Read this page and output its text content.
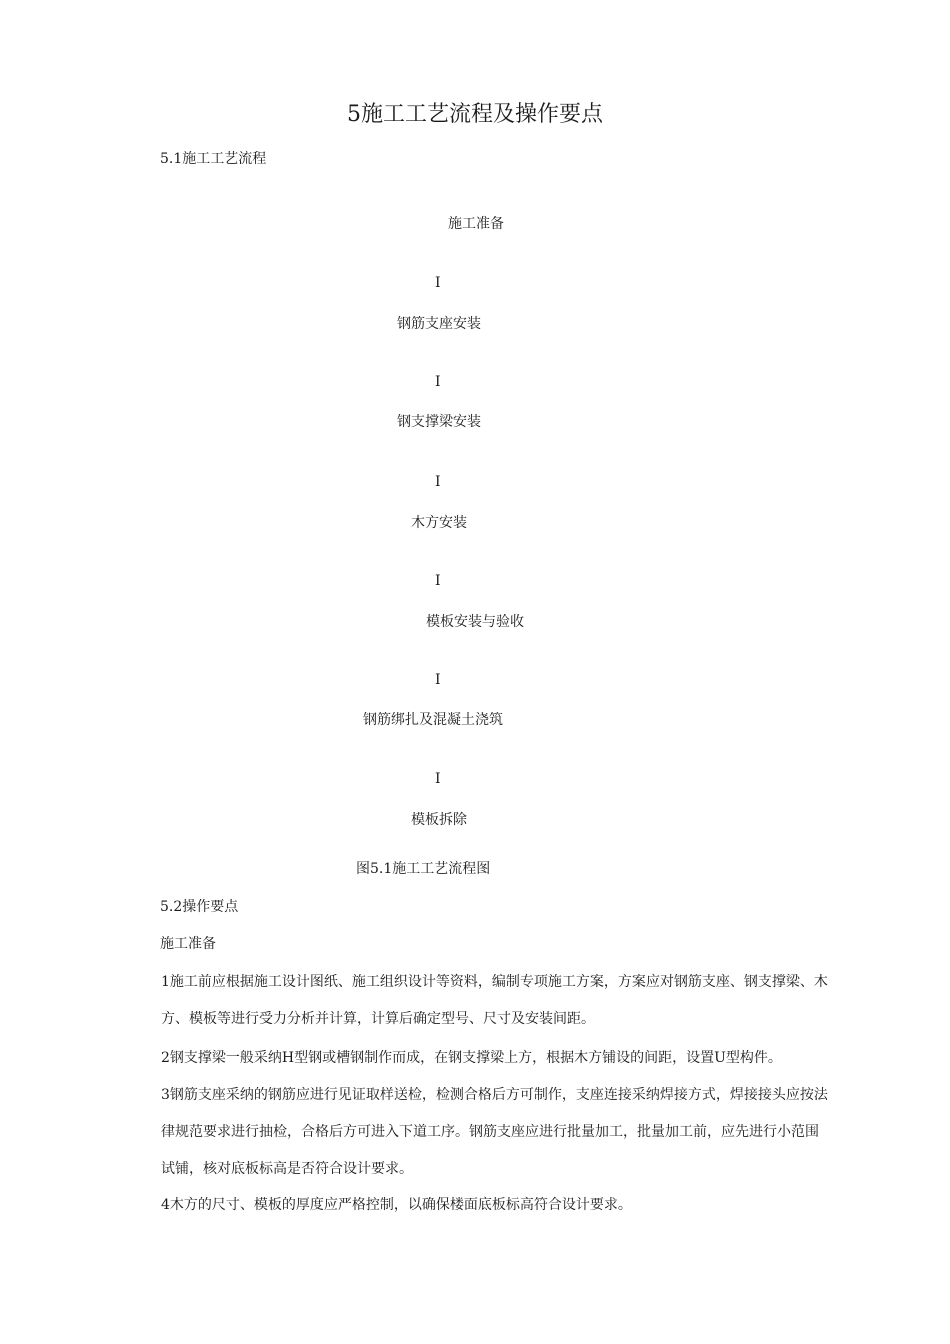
5施工工艺流程及操作要点
5.1施工工艺流程
施工准备
I
钢筋支座安装
I
钢支撑梁安装
I
木方安装
I
模板安装与验收
I
钢筋绑扎及混凝土浇筑
I
模板拆除
图5.1施工工艺流程图
5.2操作要点
施工准备
1施工前应根据施工设计图纸、施工组织设计等资料，编制专项施工方案，方案应对钢筋支座、钢支撑梁、木方、模板等进行受力分析并计算，计算后确定型号、尺寸及安装间距。
2钢支撑梁一般采纳H型钢或槽钢制作而成，在钢支撑梁上方，根据木方铺设的间距，设置U型构件。
3钢筋支座采纳的钢筋应进行见证取样送检，检测合格后方可制作，支座连接采纳焊接方式，焊接接头应按法律规范要求进行抽检，合格后方可进入下道工序。钢筋支座应进行批量加工，批量加工前，应先进行小范围试铺，核对底板标高是否符合设计要求。
4木方的尺寸、模板的厚度应严格控制，以确保楼面底板标高符合设计要求。
